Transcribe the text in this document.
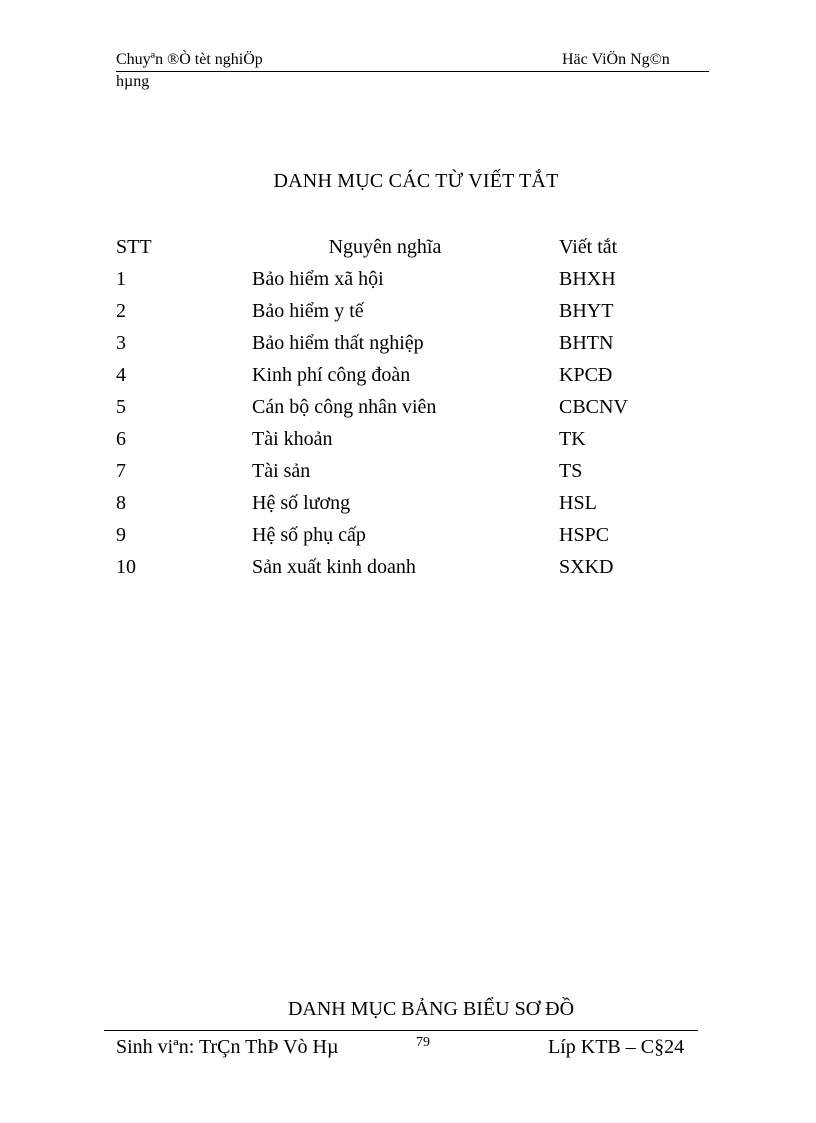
Chuyªn ®Ò tèt nghiÖp	Häc ViÖn Ng©n
hµng
DANH MỤC CÁC TỪ VIẾT TẮT
STT	Nguyên nghĩa	Viết tắt
1	Bảo hiểm xã hội	BHXH
2	Bảo hiểm y tế	BHYT
3	Bảo hiểm thất nghiệp	BHTN
4	Kinh phí công đoàn	KPCĐ
5	Cán bộ công nhân viên	CBCNV
6	Tài khoản	TK
7	Tài sản	TS
8	Hệ số lương	HSL
9	Hệ số phụ cấp	HSPC
10	Sản xuất kinh doanh	SXKD
DANH MỤC BẢNG BIỂU SƠ ĐỒ
Sinh viªn: TrÇn ThÞ Vò Hµ	79	Líp KTB – C§24
